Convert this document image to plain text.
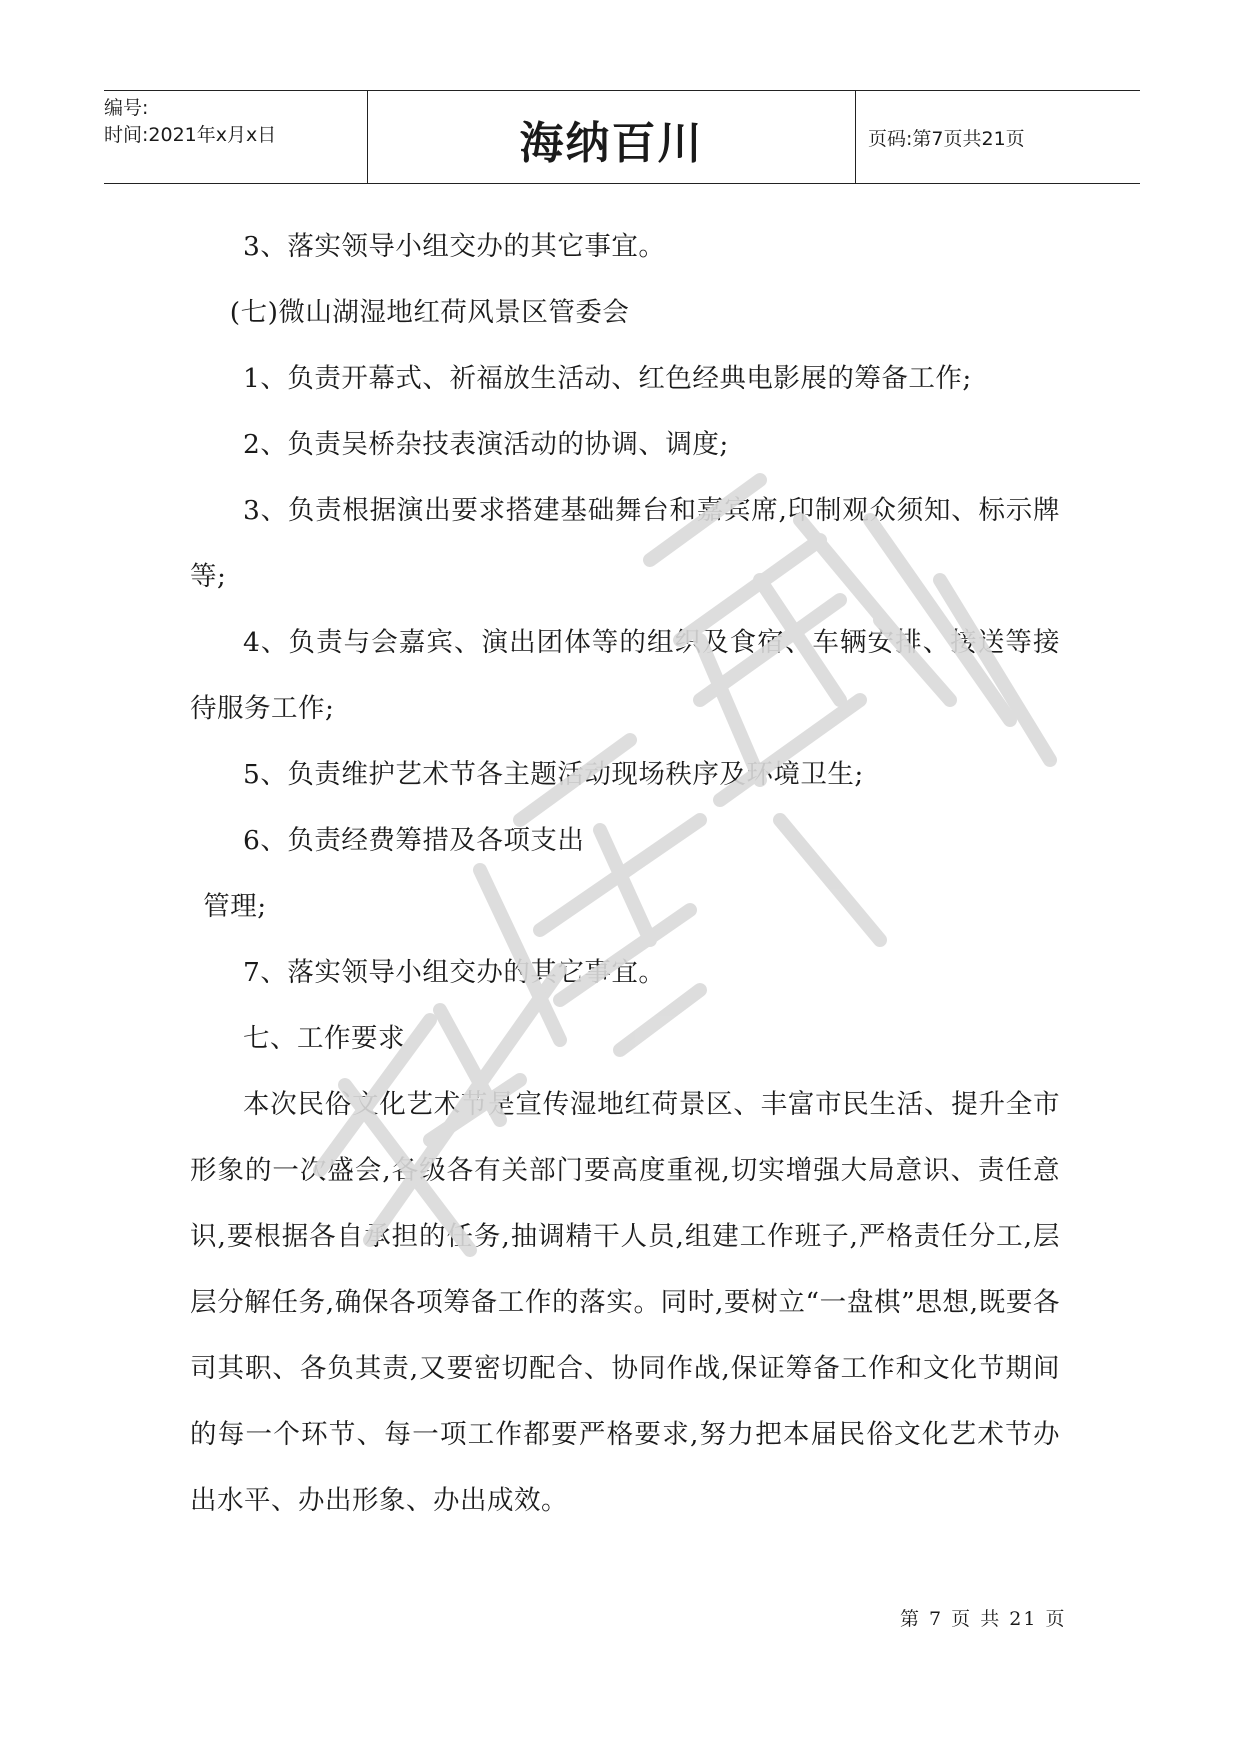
编号:
时间:2021年x月x日	海纳百川	页码:第7页共21页

3、落实领导小组交办的其它事宜。

(七)微山湖湿地红荷风景区管委会

1、负责开幕式、祈福放生活动、红色经典电影展的筹备工作;

2、负责吴桥杂技表演活动的协调、调度;

3、负责根据演出要求搭建基础舞台和嘉宾席,印制观众须知、标示牌等;

4、负责与会嘉宾、演出团体等的组织及食宿、车辆安排、接送等接待服务工作;

5、负责维护艺术节各主题活动现场秩序及环境卫生;

6、负责经费筹措及各项支出

管理;

7、落实领导小组交办的其它事宜。

七、工作要求

本次民俗文化艺术节是宣传湿地红荷景区、丰富市民生活、提升全市形象的一次盛会,各级各有关部门要高度重视,切实增强大局意识、责任意识,要根据各自承担的任务,抽调精干人员,组建工作班子,严格责任分工,层层分解任务,确保各项筹备工作的落实。同时,要树立“一盘棋”思想,既要各司其职、各负其责,又要密切配合、协同作战,保证筹备工作和文化节期间的每一个环节、每一项工作都要严格要求,努力把本届民俗文化艺术节办出水平、办出形象、办出成效。

第 7 页 共 21 页
